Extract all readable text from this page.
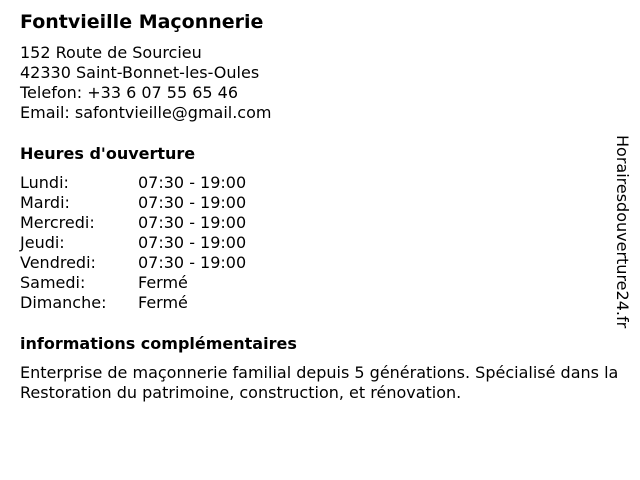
Fontvieille Maçonnerie
152 Route de Sourcieu
42330 Saint-Bonnet-les-Oules
Telefon: +33 6 07 55 65 46
Email: safontvieille@gmail.com
Heures d'ouverture
Lundi:	07:30 - 19:00
Mardi:	07:30 - 19:00
Mercredi:	07:30 - 19:00
Jeudi:	07:30 - 19:00
Vendredi:	07:30 - 19:00
Samedi:	Fermé
Dimanche: Fermé
informations complémentaires
Enterprise de maçonnerie familial depuis 5 générations. Spécialisé dans la Restoration du patrimoine, construction, et rénovation.
Horairesdouverture24.fr
